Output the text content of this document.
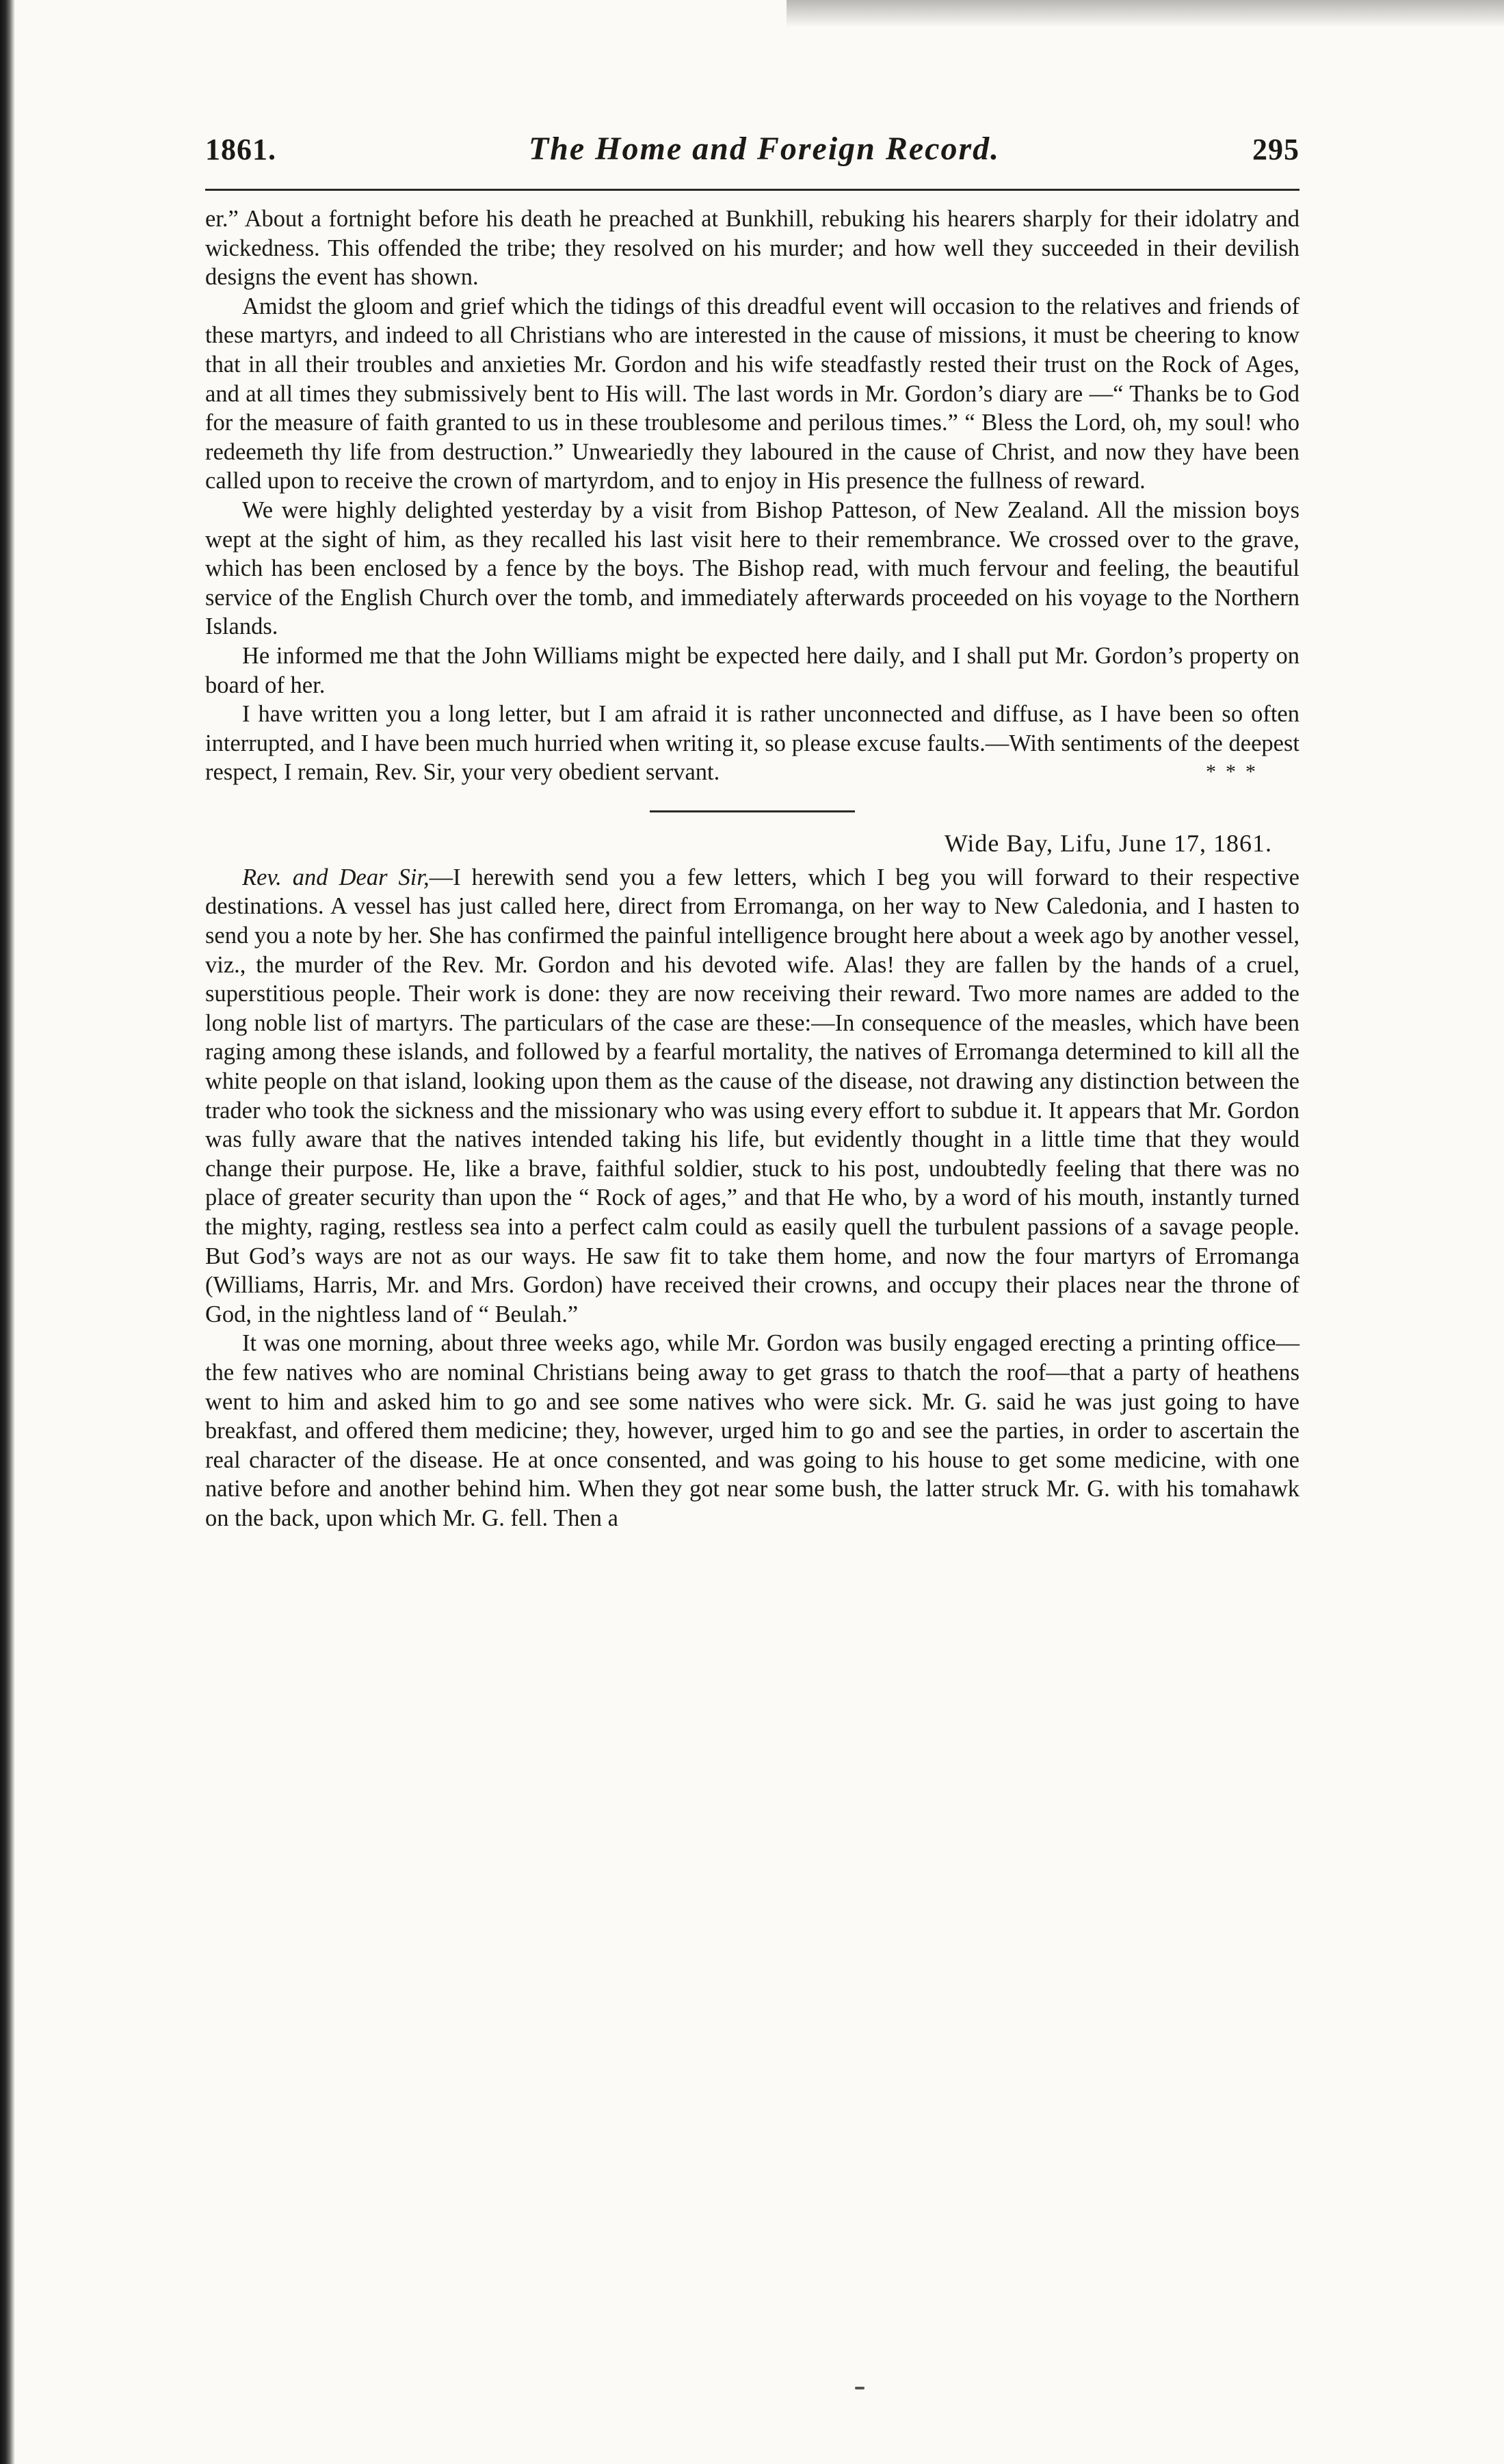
1861.	The Home and Foreign Record.	295

er.” About a fortnight before his death he preached at Bunkhill, rebuking his hearers sharply for their idolatry and wickedness. This offended the tribe; they resolved on his murder; and how well they succeeded in their devilish designs the event has shown.

Amidst the gloom and grief which the tidings of this dreadful event will occasion to the relatives and friends of these martyrs, and indeed to all Christians who are interested in the cause of missions, it must be cheering to know that in all their troubles and anxieties Mr. Gordon and his wife steadfastly rested their trust on the Rock of Ages, and at all times they submissively bent to His will. The last words in Mr. Gordon’s diary are —“ Thanks be to God for the measure of faith granted to us in these troublesome and perilous times.” “ Bless the Lord, oh, my soul! who redeemeth thy life from destruction.” Unweariedly they laboured in the cause of Christ, and now they have been called upon to receive the crown of martyrdom, and to enjoy in His presence the fullness of reward.

We were highly delighted yesterday by a visit from Bishop Patteson, of New Zealand. All the mission boys wept at the sight of him, as they recalled his last visit here to their remembrance. We crossed over to the grave, which has been enclosed by a fence by the boys. The Bishop read, with much fervour and feeling, the beautiful service of the English Church over the tomb, and immediately afterwards proceeded on his voyage to the Northern Islands.

He informed me that the John Williams might be expected here daily, and I shall put Mr. Gordon’s property on board of her.

I have written you a long letter, but I am afraid it is rather unconnected and diffuse, as I have been so often interrupted, and I have been much hurried when writing it, so please excuse faults.—With sentiments of the deepest respect, I remain, Rev. Sir, your very obedient servant.	* * *

Wide Bay, Lifu, June 17, 1861.

Rev. and Dear Sir,—I herewith send you a few letters, which I beg you will forward to their respective destinations. A vessel has just called here, direct from Erromanga, on her way to New Caledonia, and I hasten to send you a note by her. She has confirmed the painful intelligence brought here about a week ago by another vessel, viz., the murder of the Rev. Mr. Gordon and his devoted wife. Alas! they are fallen by the hands of a cruel, superstitious people. Their work is done: they are now receiving their reward. Two more names are added to the long noble list of martyrs. The particulars of the case are these:—In consequence of the measles, which have been raging among these islands, and followed by a fearful mortality, the natives of Erromanga determined to kill all the white people on that island, looking upon them as the cause of the disease, not drawing any distinction between the trader who took the sickness and the missionary who was using every effort to subdue it. It appears that Mr. Gordon was fully aware that the natives intended taking his life, but evidently thought in a little time that they would change their purpose. He, like a brave, faithful soldier, stuck to his post, undoubtedly feeling that there was no place of greater security than upon the “ Rock of ages,” and that He who, by a word of his mouth, instantly turned the mighty, raging, restless sea into a perfect calm could as easily quell the turbulent passions of a savage people. But God’s ways are not as our ways. He saw fit to take them home, and now the four martyrs of Erromanga (Williams, Harris, Mr. and Mrs. Gordon) have received their crowns, and occupy their places near the throne of God, in the nightless land of “ Beulah.”

It was one morning, about three weeks ago, while Mr. Gordon was busily engaged erecting a printing office—the few natives who are nominal Christians being away to get grass to thatch the roof—that a party of heathens went to him and asked him to go and see some natives who were sick. Mr. G. said he was just going to have breakfast, and offered them medicine; they, however, urged him to go and see the parties, in order to ascertain the real character of the disease. He at once consented, and was going to his house to get some medicine, with one native before and another behind him. When they got near some bush, the latter struck Mr. G. with his tomahawk on the back, upon which Mr. G. fell. Then a
